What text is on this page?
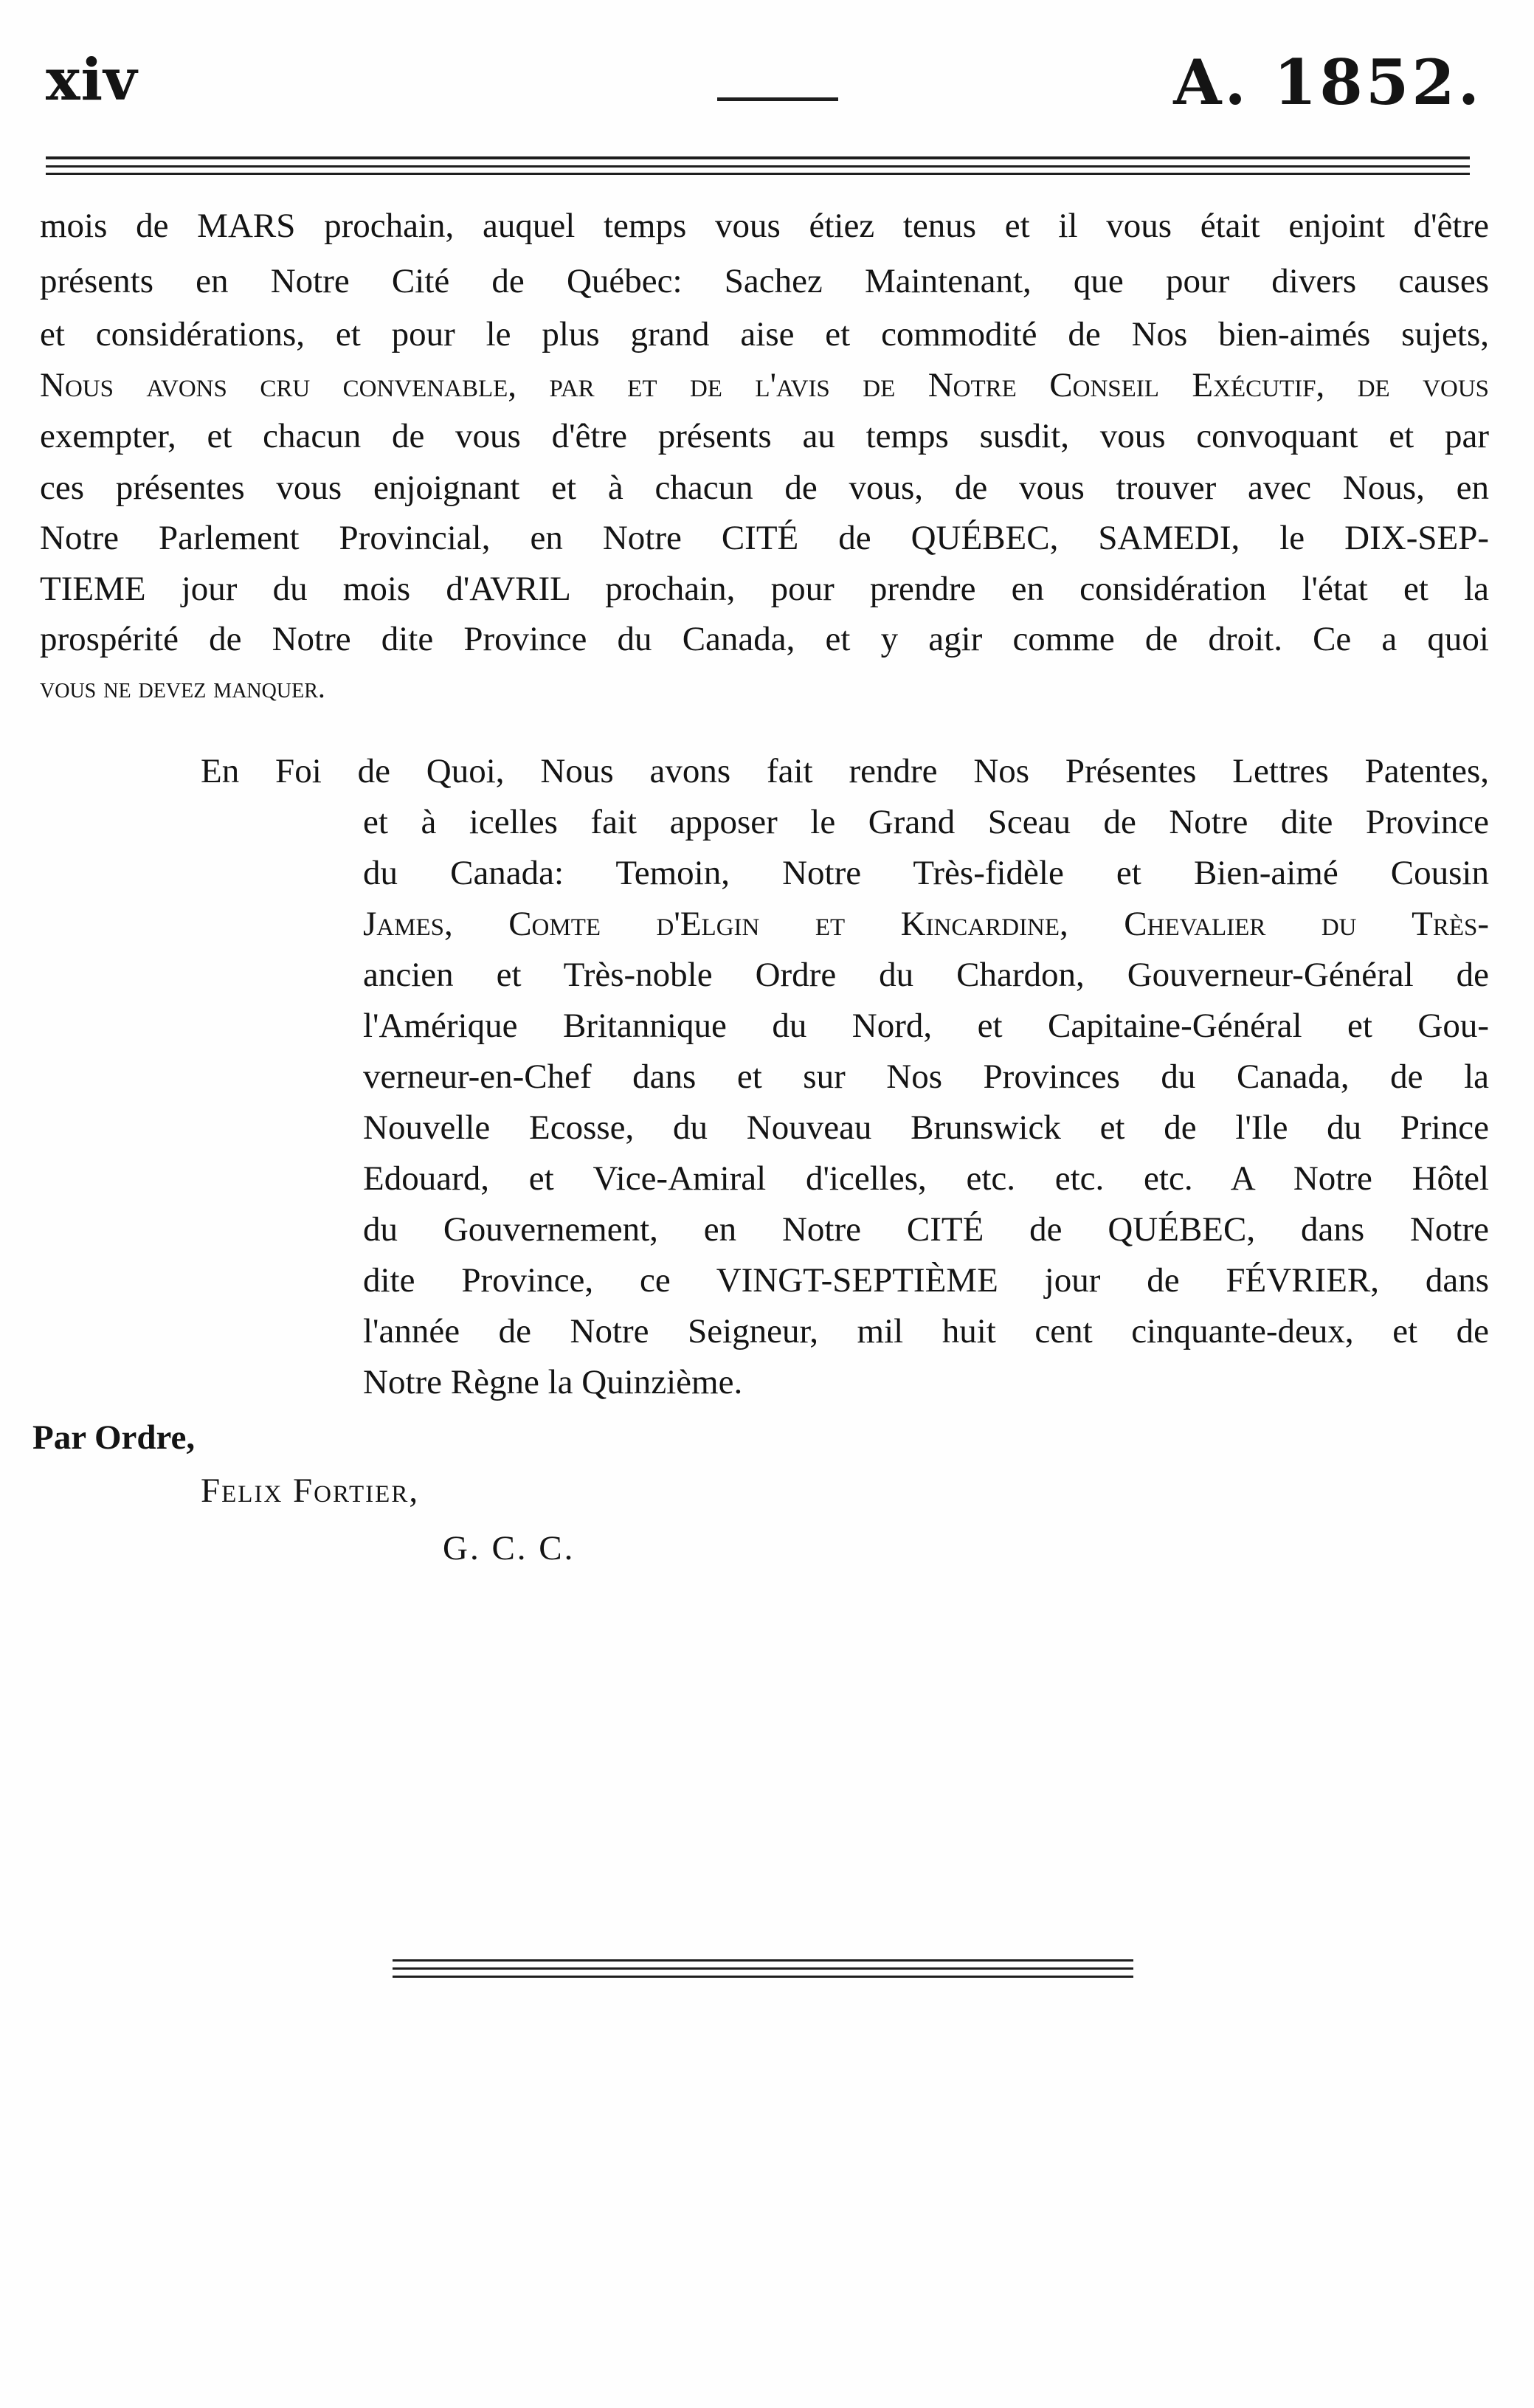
xiv	A. 1852.
mois de MARS prochain, auquel temps vous étiez tenus et il vous était enjoint d'être
présents en Notre Cité de Québec: Sachez Maintenant, que pour divers causes
et considérations, et pour le plus grand aise et commodité de Nos bien-aimés sujets,
Nous avons cru convenable, par et de l'avis de Notre Conseil Exécutif, de vous
exempter, et chacun de vous d'être présents au temps susdit, vous convoquant et par
ces présentes vous enjoignant et à chacun de vous, de vous trouver avec Nous, en
Notre Parlement Provincial, en Notre CITÉ de QUÉBEC, SAMEDI, le DIX-SEP-
TIEME jour du mois d'AVRIL prochain, pour prendre en considération l'état et la
prospérité de Notre dite Province du Canada, et y agir comme de droit. Ce a quoi
vous ne devez manquer.
En Foi de Quoi, Nous avons fait rendre Nos Présentes Lettres Patentes,
et à icelles fait apposer le Grand Sceau de Notre dite Province
du Canada: Temoin, Notre Très-fidèle et Bien-aimé Cousin
James, Comte d'Elgin et Kincardine, Chevalier du Très-
ancien et Très-noble Ordre du Chardon, Gouverneur-Général de
l'Amérique Britannique du Nord, et Capitaine-Général et Gou-
verneur-en-Chef dans et sur Nos Provinces du Canada, de la
Nouvelle Ecosse, du Nouveau Brunswick et de l'Ile du Prince
Edouard, et Vice-Amiral d'icelles, etc. etc. etc. A Notre Hôtel
du Gouvernement, en Notre CITÉ de QUÉBEC, dans Notre
dite Province, ce VINGT-SEPTIÈME jour de FÉVRIER, dans
l'année de Notre Seigneur, mil huit cent cinquante-deux, et de
Notre Règne la Quinzième.
Par Ordre,
Felix Fortier,
G. C. C.
